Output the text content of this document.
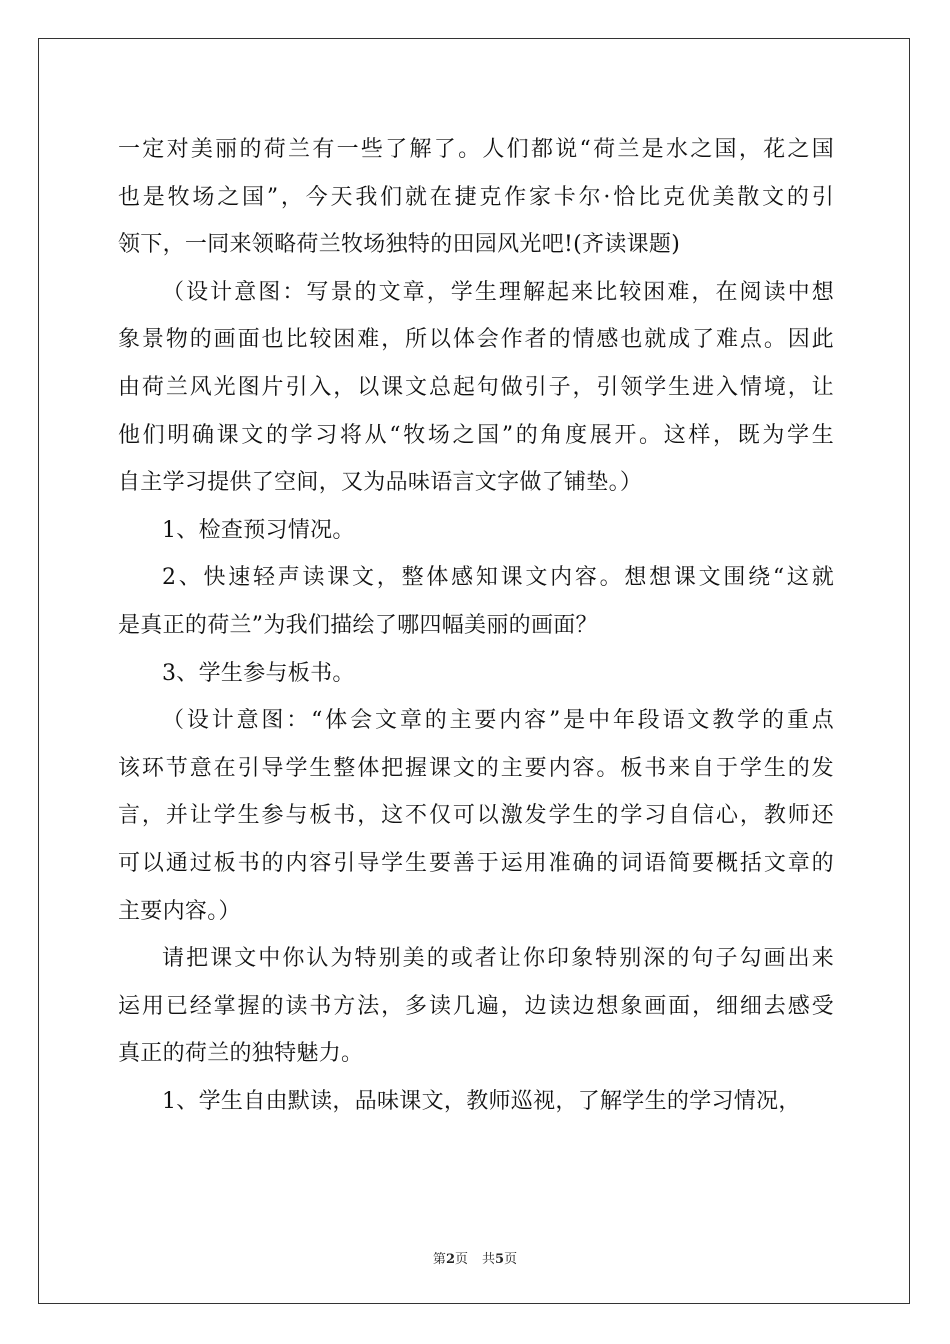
一定对美丽的荷兰有一些了解了。人们都说“荷兰是水之国，花之国
也是牧场之国”，今天我们就在捷克作家卡尔·恰比克优美散文的引
领下，一同来领略荷兰牧场独特的田园风光吧!(齐读课题)
（设计意图：写景的文章，学生理解起来比较困难，在阅读中想
象景物的画面也比较困难，所以体会作者的情感也就成了难点。因此
由荷兰风光图片引入，以课文总起句做引子，引领学生进入情境，让
他们明确课文的学习将从“牧场之国”的角度展开。这样，既为学生
自主学习提供了空间，又为品味语言文字做了铺垫。）
1、检查预习情况。
2、快速轻声读课文，整体感知课文内容。想想课文围绕“这就
是真正的荷兰”为我们描绘了哪四幅美丽的画面？
3、学生参与板书。
（设计意图：“体会文章的主要内容”是中年段语文教学的重点
该环节意在引导学生整体把握课文的主要内容。板书来自于学生的发
言，并让学生参与板书，这不仅可以激发学生的学习自信心，教师还
可以通过板书的内容引导学生要善于运用准确的词语简要概括文章的
主要内容。）
请把课文中你认为特别美的或者让你印象特别深的句子勾画出来
运用已经掌握的读书方法，多读几遍，边读边想象画面，细细去感受
真正的荷兰的独特魅力。
1、学生自由默读，品味课文，教师巡视，了解学生的学习情况，
第2页 共5页
